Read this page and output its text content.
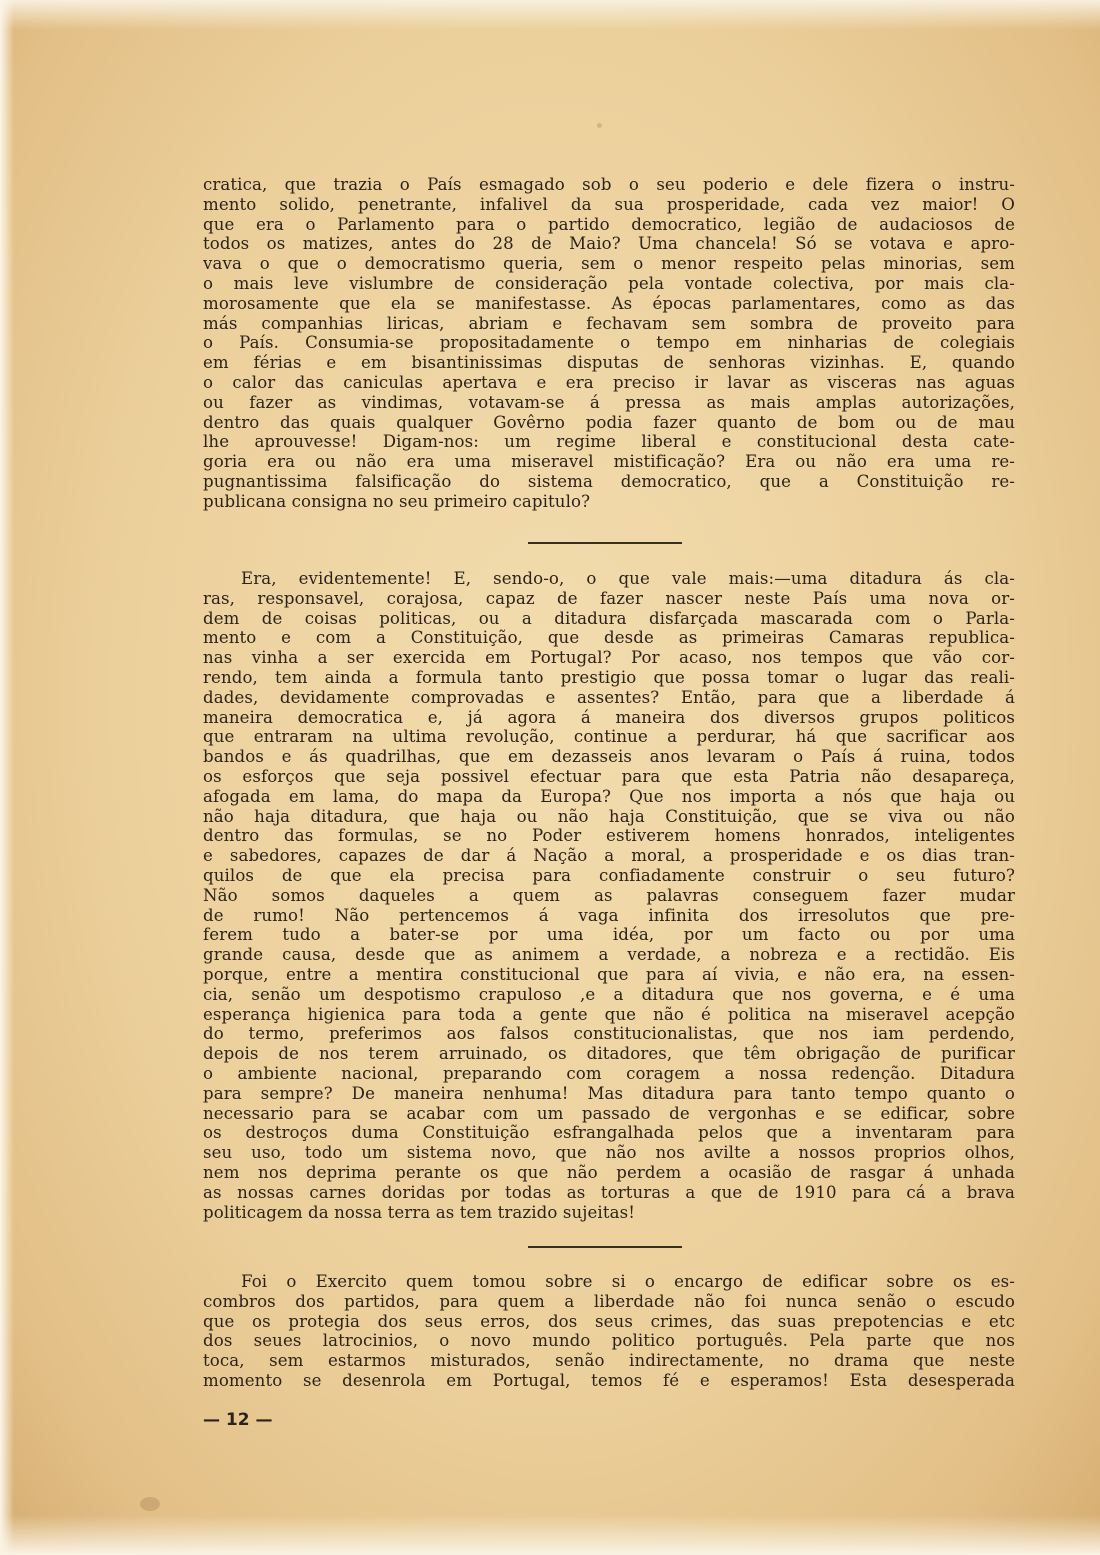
cratica, que trazia o País esmagado sob o seu poderio e dele fizera o instru-
mento solido, penetrante, infalivel da sua prosperidade, cada vez maior! O
que era o Parlamento para o partido democratico, legião de audaciosos de
todos os matizes, antes do 28 de Maio? Uma chancela! Só se votava e apro-
vava o que o democratismo queria, sem o menor respeito pelas minorias, sem
o mais leve vislumbre de consideração pela vontade colectiva, por mais cla-
morosamente que ela se manifestasse. As épocas parlamentares, como as das
más companhias liricas, abriam e fechavam sem sombra de proveito para
o País. Consumia-se propositadamente o tempo em ninharias de colegiais
em férias e em bisantinissimas disputas de senhoras vizinhas. E, quando
o calor das caniculas apertava e era preciso ir lavar as visceras nas aguas
ou fazer as vindimas, votavam-se á pressa as mais amplas autorizações,
dentro das quais qualquer Govêrno podia fazer quanto de bom ou de mau
lhe aprouvesse! Digam-nos: um regime liberal e constitucional desta cate-
goria era ou não era uma miseravel mistificação? Era ou não era uma re-
pugnantissima falsificação do sistema democratico, que a Constituição re-
publicana consigna no seu primeiro capitulo?
Era, evidentemente! E, sendo-o, o que vale mais:—uma ditadura ás cla-
ras, responsavel, corajosa, capaz de fazer nascer neste País uma nova or-
dem de coisas politicas, ou a ditadura disfarçada mascarada com o Parla-
mento e com a Constituição, que desde as primeiras Camaras republica-
nas vinha a ser exercida em Portugal? Por acaso, nos tempos que vão cor-
rendo, tem ainda a formula tanto prestigio que possa tomar o lugar das reali-
dades, devidamente comprovadas e assentes? Então, para que a liberdade á
maneira democratica e, já agora á maneira dos diversos grupos politicos
que entraram na ultima revolução, continue a perdurar, há que sacrificar aos
bandos e ás quadrilhas, que em dezasseis anos levaram o País á ruina, todos
os esforços que seja possivel efectuar para que esta Patria não desapareça,
afogada em lama, do mapa da Europa? Que nos importa a nós que haja ou
não haja ditadura, que haja ou não haja Constituição, que se viva ou não
dentro das formulas, se no Poder estiverem homens honrados, inteligentes
e sabedores, capazes de dar á Nação a moral, a prosperidade e os dias tran-
quilos de que ela precisa para confiadamente construir o seu futuro?
Não somos daqueles a quem as palavras conseguem fazer mudar
de rumo! Não pertencemos á vaga infinita dos irresolutos que pre-
ferem tudo a bater-se por uma idéa, por um facto ou por uma
grande causa, desde que as animem a verdade, a nobreza e a rectidão. Eis
porque, entre a mentira constitucional que para aí vivia, e não era, na essen-
cia, senão um despotismo crapuloso ,e a ditadura que nos governa, e é uma
esperança higienica para toda a gente que não é politica na miseravel acepção
do termo, preferimos aos falsos constitucionalistas, que nos iam perdendo,
depois de nos terem arruinado, os ditadores, que têm obrigação de purificar
o ambiente nacional, preparando com coragem a nossa redenção. Ditadura
para sempre? De maneira nenhuma! Mas ditadura para tanto tempo quanto o
necessario para se acabar com um passado de vergonhas e se edificar, sobre
os destroços duma Constituição esfrangalhada pelos que a inventaram para
seu uso, todo um sistema novo, que não nos avilte a nossos proprios olhos,
nem nos deprima perante os que não perdem a ocasião de rasgar á unhada
as nossas carnes doridas por todas as torturas a que de 1910 para cá a brava
politicagem da nossa terra as tem trazido sujeitas!
Foi o Exercito quem tomou sobre si o encargo de edificar sobre os es-
combros dos partidos, para quem a liberdade não foi nunca senão o escudo
que os protegia dos seus erros, dos seus crimes, das suas prepotencias e etc
dos seues latrocinios, o novo mundo politico português. Pela parte que nos
toca, sem estarmos misturados, senão indirectamente, no drama que neste
momento se desenrola em Portugal, temos fé e esperamos! Esta desesperada
— 12 —
